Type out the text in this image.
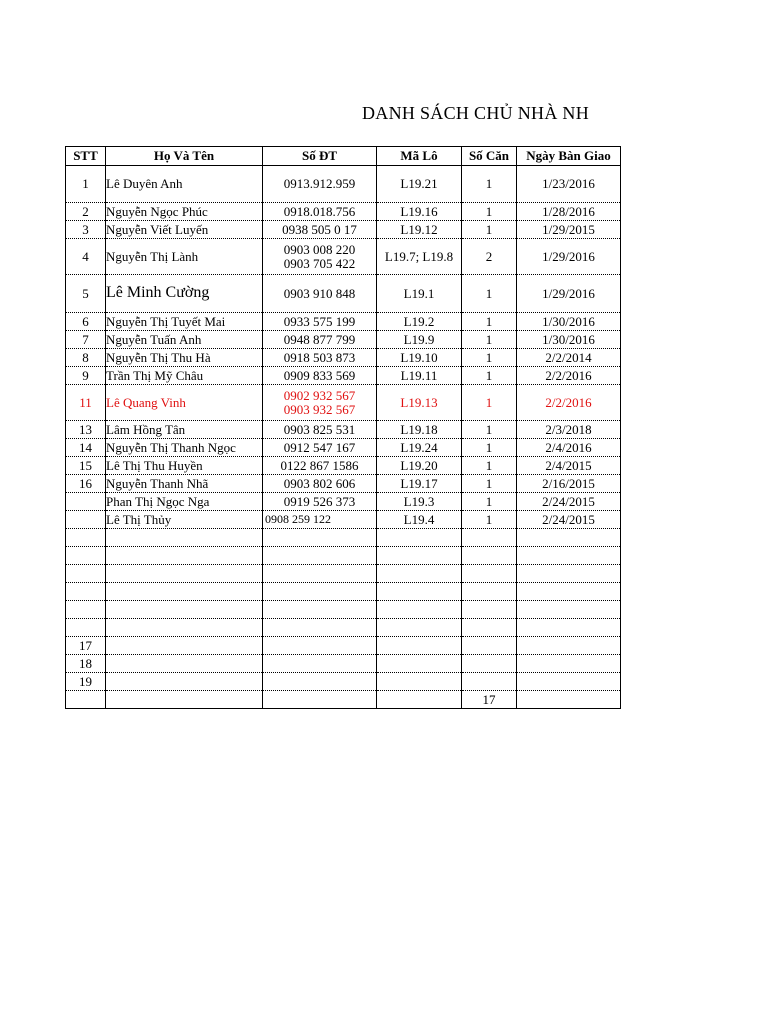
DANH SÁCH CHỦ NHÀ NH
STT	Họ Và Tên	Số ĐT	Mã Lô	Số Căn	Ngày Bàn Giao
1	Lê Duyên Anh	0913.912.959	L19.21	1	1/23/2016
2	Nguyễn Ngọc Phúc	0918.018.756	L19.16	1	1/28/2016
3	Nguyễn Viết Luyến	0938 505 0 17	L19.12	1	1/29/2015
4	Nguyễn Thị Lành	0903 008 220
0903 705 422	L19.7; L19.8	2	1/29/2016
5	Lê Minh Cường	0903 910 848	L19.1	1	1/29/2016
6	Nguyễn Thị Tuyết Mai	0933 575 199	L19.2	1	1/30/2016
7	Nguyễn Tuấn Anh	0948 877 799	L19.9	1	1/30/2016
8	Nguyễn Thị Thu Hà	0918 503 873	L19.10	1	2/2/2014
9	Trần Thị Mỹ Châu	0909 833 569	L19.11	1	2/2/2016
11	Lê Quang Vinh	0902 932 567
0903 932 567	L19.13	1	2/2/2016
13	Lâm Hồng Tân	0903 825 531	L19.18	1	2/3/2018
14	Nguyễn Thị Thanh Ngọc	0912 547 167	L19.24	1	2/4/2016
15	Lê Thị Thu Huyền	0122 867 1586	L19.20	1	2/4/2015
16	Nguyễn Thanh Nhã	0903 802 606	L19.17	1	2/16/2015
	Phan Thị Ngọc Nga	0919 526 373	L19.3	1	2/24/2015
	Lê Thị Thủy	0908 259 122	L19.4	1	2/24/2015

17					
18					
19					
				17	
